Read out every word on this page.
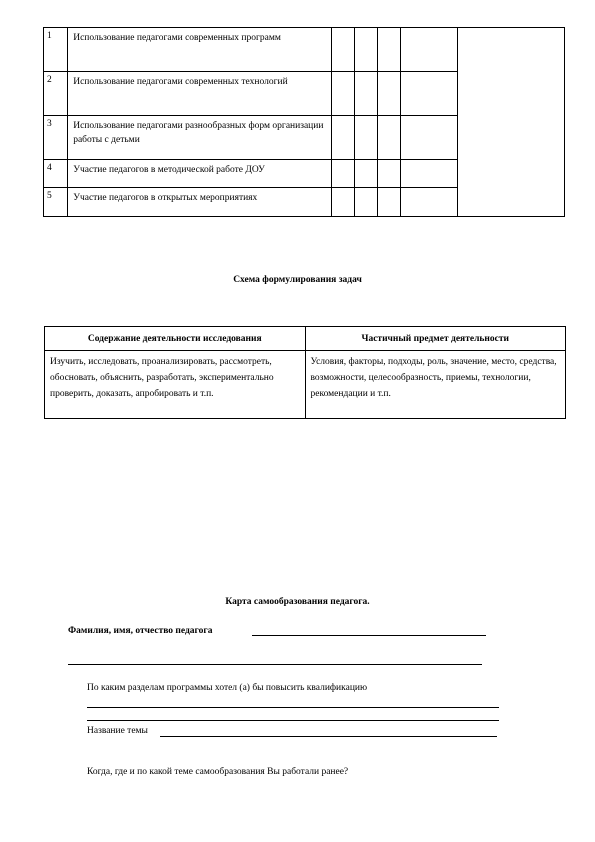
1	Использование педагогами современных программ					
2	Использование педагогами современных технологий					
3	Использование педагогами разнообразных форм организации работы с детьми					
4	Участие педагогов в методической работе ДОУ					
5	Участие педагогов в открытых мероприятиях					
Схема формулирования задач
Содержание деятельности исследования	Частичный предмет деятельности
Изучить, исследовать, проанализировать, рассмотреть, обосновать, объяснить, разработать, экспериментально проверить, доказать, апробировать и т.п.	Условия, факторы, подходы, роль, значение, место, средства, возможности, целесообразность, приемы, технологии, рекомендации и т.п.
Карта самообразования педагога.
Фамилия, имя, отчество педагога
По каким разделам программы хотел (а) бы повысить квалификацию
Название темы
Когда, где и по какой теме самообразования Вы работали ранее?
